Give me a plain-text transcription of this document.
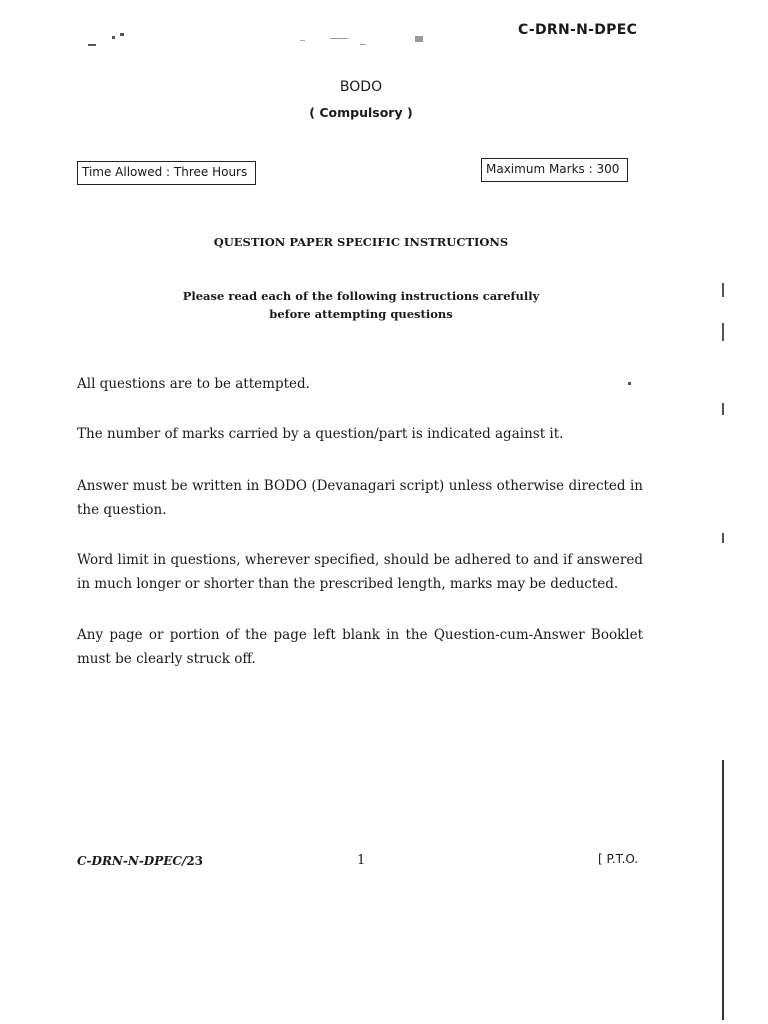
C-DRN-N-DPEC
BODO
( Compulsory )
Time Allowed : Three Hours	Maximum Marks : 300
QUESTION PAPER SPECIFIC INSTRUCTIONS
Please read each of the following instructions carefully
before attempting questions
All questions are to be attempted.
The number of marks carried by a question/part is indicated against it.
Answer must be written in BODO (Devanagari script) unless otherwise directed in the question.
Word limit in questions, wherever specified, should be adhered to and if answered in much longer or shorter than the prescribed length, marks may be deducted.
Any page or portion of the page left blank in the Question-cum-Answer Booklet must be clearly struck off.
C-DRN-N-DPEC/23	1	[ P.T.O.
